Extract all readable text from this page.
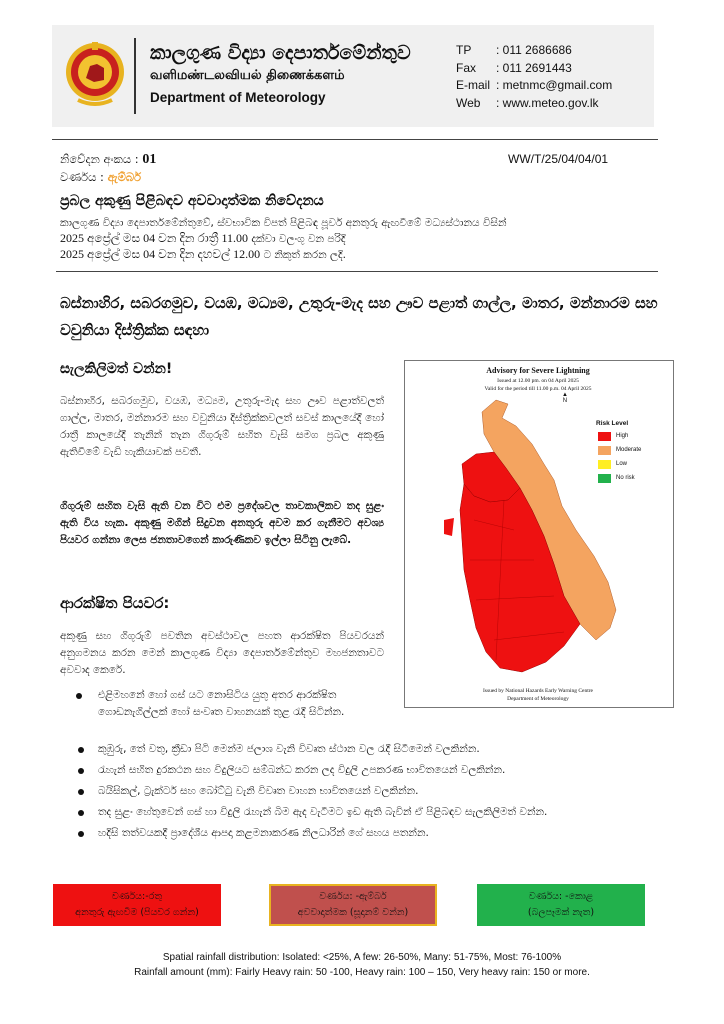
කාලගුණ විද්‍යා දෙපාර්තමේන්තුව
வளிமண்டலவியல் திணைக்களம்
Department of Meteorology
TP : 011 2686686
Fax : 011 2691443
E-mail : metnmc@gmail.com
Web : www.meteo.gov.lk
නිවේදන අංකය : 01
වර්ණය : ඇම්බර්
WW/T/25/04/04/01
ප්‍රබල අකුණු පිළිබඳව අවවාදාත්මක නිවේදනය
කාලගුණ විද්‍යා දෙපාර්තමේන්තුවේ, ස්වභාවික විපත් පිළිබඳ පූර්ව අනතුරු ඇඟවීමේ මධ්‍යස්ථානය විසින්
2025 අප්‍රේල් මස 04 වන දින රාත්‍රී 11.00 දක්වා වලංගු වන පරිදි
2025 අප්‍රේල් මස 04 වන දින දහවල් 12.00 ට නිකුත් කරන ලදි.
බස්නාහිර, සබරගමුව, වයඹ, මධ්‍යම, උතුරු-මැද සහ ඌව පළාත් ගාල්ල, මාතර, මන්නාරම සහ වවුනියා දිස්ත්‍රික්ක සඳහා
සැලකිලිමත් වන්න!
බස්නාහිර, සබරගමුව, වයඹ, මධ්‍යම, උතුරු-මැද සහ ඌව පළාත්වලත් ගාල්ල, මාතර, මන්නාරම සහ වවුනියා දිස්ත්‍රික්කවලත් සවස් කාලයේදී හෝ රාත්‍රී කාලයේදී තැනින් තැන ගිගුරුම් සහිත වැසි සමග ප්‍රබල අකුණු ඇතිවීමේ වැඩි හැකියාවක් පවතී.
ගිගුරුම් සහිත වැසි ඇති වන විට එම ප්‍රදේශවල තාවකාලිකව තද සුළං ඇති විය හැක. අකුණු මගින් සිදුවන අනතුරු අවම කර ගැනීමට අවශ්‍ය පියවර ගන්නා ලෙස ජනතාවගෙන් කාරුණිකව ඉල්ලා සිටිනු ලැබේ.
ආරක්ෂිත පියවර:
අකුණු සහ ගිගුරුම් පවතින අවස්ථාවල පහත ආරක්ෂිත පියවරයන් අනුගමනය කරන මෙන් කාලගුණ විද්‍යා දෙපාර්තමේන්තුව මහජනතාවට අවවාද කෙරේ.
එළිමහනේ හෝ ගස් යට නොසිටිය යුතු අතර ආරක්ෂිත ගොඩනැගිල්ලක් හෝ සංවෘත වාහනයක් තුළ රැදී සිටින්න.
කුඹුරු, තේ වතු, ක්‍රීඩා පිටි මෙන්ම ජලාශ වැනි විවෘත ස්ථාන වල රැදී සිටීමෙන් වලකින්න.
රැහැන් සහිත දුරකථන සහ විදුලියට සම්බන්ධ කරන ලද විදුලි උපකරණ භාවිතයෙන් වලකින්න.
බයිසිකල්, ට්‍රැක්ටර් සහ බෝට්ටු වැනි විවෘත වාහන භාවිතයෙන් වලකින්න.
තද සුළං හේතුවෙන් ගස් හා විදුලි රැහැන් බිම ඇද වැටීමට ඉඩ ඇති බැවින් ඒ පිළිබඳව සැලකිලිමත් වන්න.
හදිසි තත්වයකදී ප්‍රාදේශීය ආපදා කළමනාකරණ නිලධාරින් ගේ සහය පතන්න.
Advisory for Severe Lightning
Issued at 12.00 pm. on 04 April 2025
Valid for the period till 11.00 p.m. 04 April 2025
▲
N
Risk Level
High
Moderate
Low
No risk
Issued by National Hazards Early Warning Centre
Department of Meteorology
වර්ණය:-රතු
අනතුරු ඇඟවීම (පියවර ගන්න)
වර්ණය: -ඇම්බර්
අවවාදාත්මක (සූදානම් වන්න)
වර්ණය: -කොළ
(බලපෑමක් නැත)
Spatial rainfall distribution: Isolated: <25%, A few: 26-50%, Many: 51-75%, Most: 76-100%
Rainfall amount (mm): Fairly Heavy rain: 50 -100, Heavy rain: 100 – 150, Very heavy rain: 150 or more.
